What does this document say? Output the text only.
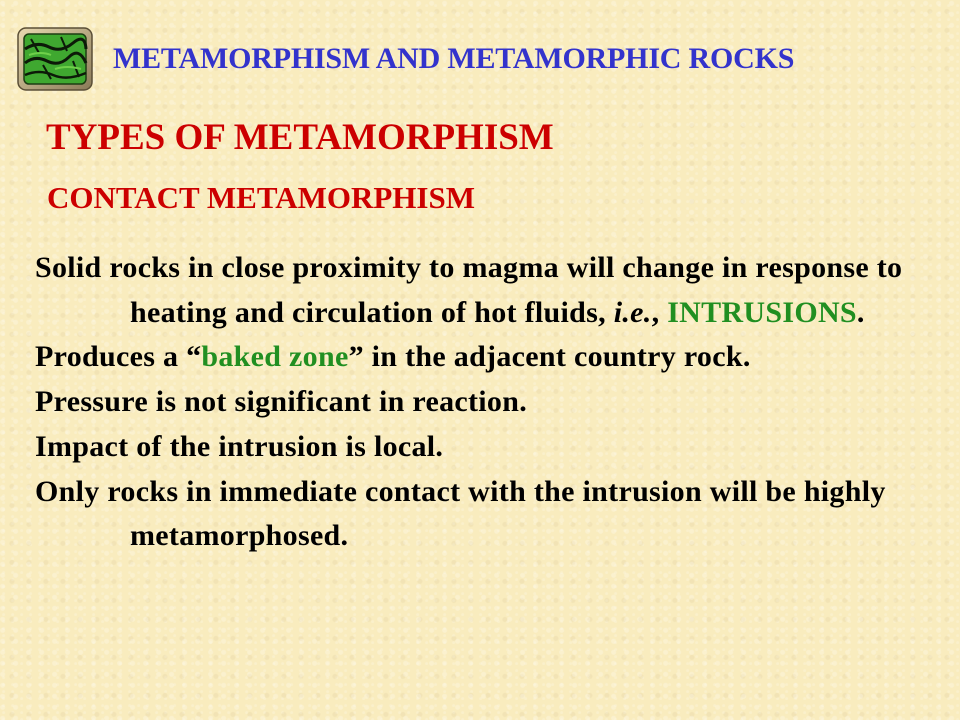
METAMORPHISM AND METAMORPHIC ROCKS
TYPES OF METAMORPHISM
CONTACT METAMORPHISM

Solid rocks in close proximity to magma will change in response to heating and circulation of hot fluids, i.e., INTRUSIONS.

Produces a “baked zone” in the adjacent country rock.

Pressure is not significant in reaction.

Impact of the intrusion is local.

Only rocks in immediate contact with the intrusion will be highly metamorphosed.
